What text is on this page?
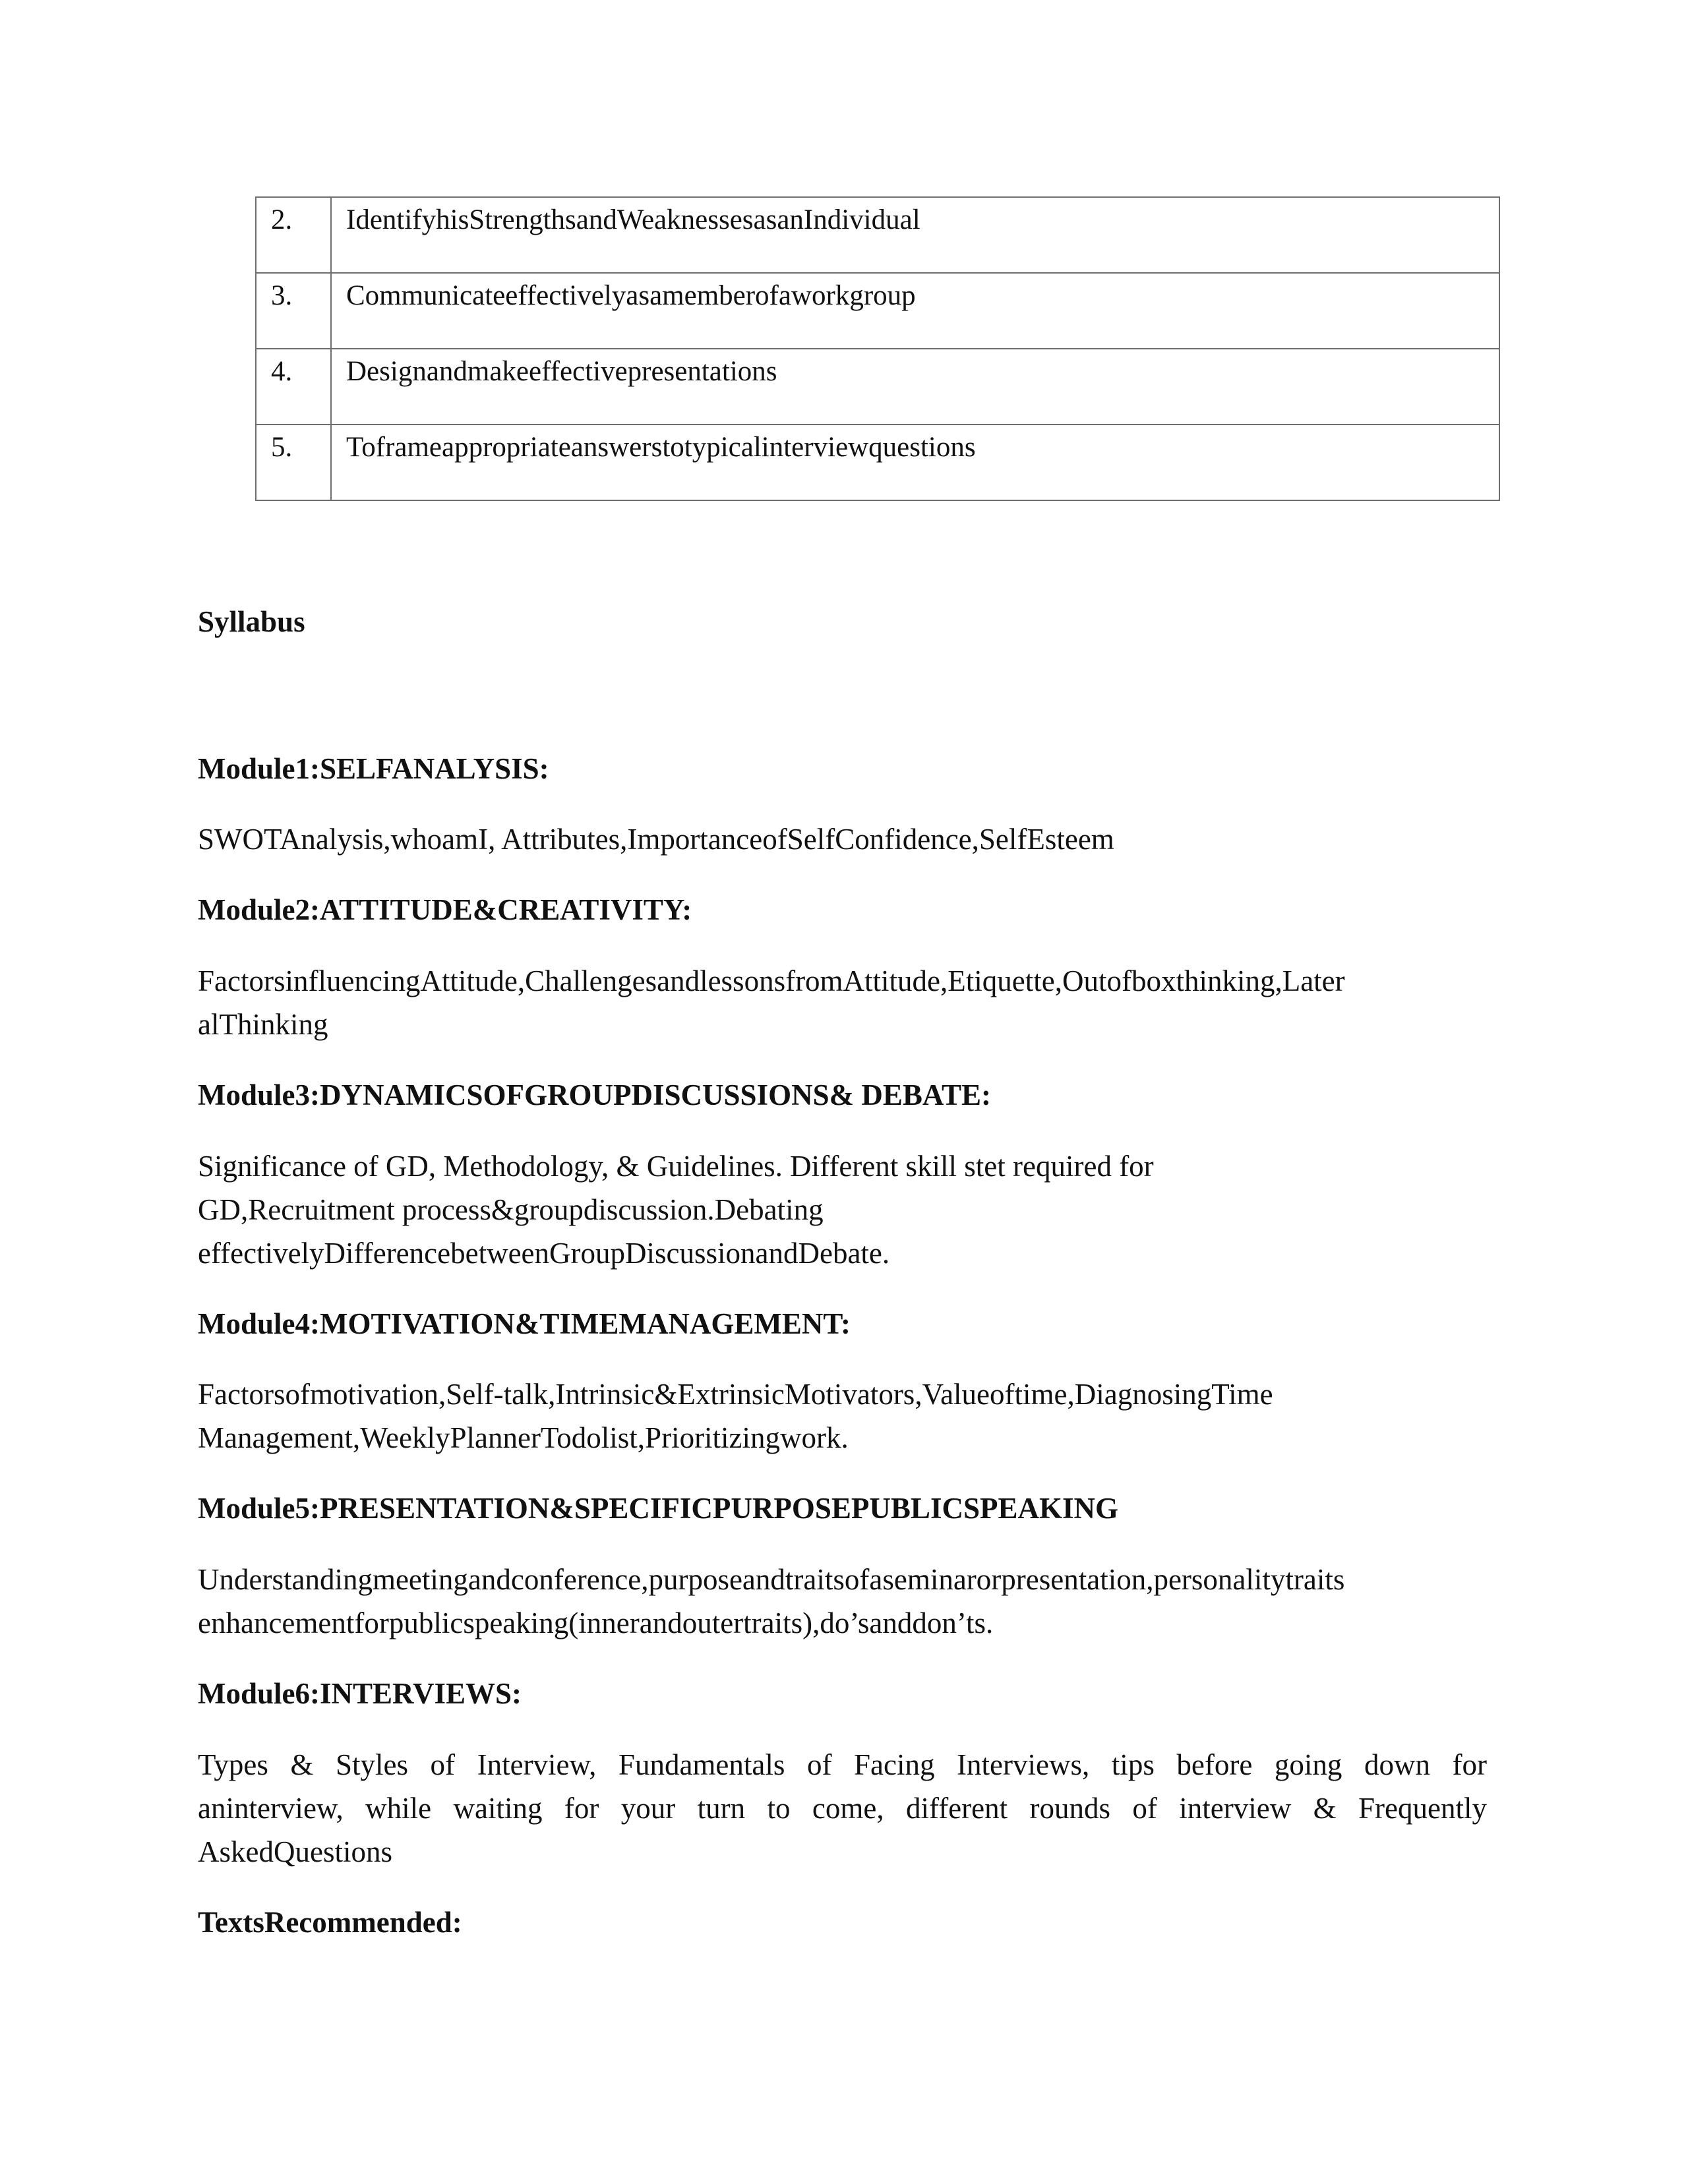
2.	IdentifyhisStrengthsandWeaknessesasanIndividual
3.	Communicateeffectivelyasamemberofaworkgroup
4.	Designandmakeeffectivepresentations
5.	Toframeappropriateanswerstotypicalinterviewquestions
Syllabus
Module1:SELFANALYSIS:
SWOTAnalysis,whoamI, Attributes,ImportanceofSelfConfidence,SelfEsteem
Module2:ATTITUDE&CREATIVITY:
FactorsinfluencingAttitude,ChallengesandlessonsfromAttitude,Etiquette,Outofboxthinking,Later
alThinking
Module3:DYNAMICSOFGROUPDISCUSSIONS& DEBATE:
Significance of GD, Methodology, & Guidelines. Different skill stet required for
GD,Recruitment process&groupdiscussion.Debating
effectivelyDifferencebetweenGroupDiscussionandDebate.
Module4:MOTIVATION&TIMEMANAGEMENT:
Factorsofmotivation,Self-talk,Intrinsic&ExtrinsicMotivators,Valueoftime,DiagnosingTime
Management,WeeklyPlannerTodolist,Prioritizingwork.
Module5:PRESENTATION&SPECIFICPURPOSEPUBLICSPEAKING
Understandingmeetingandconference,purposeandtraitsofaseminarorpresentation,personalitytraits
enhancementforpublicspeaking(innerandoutertraits),do’sanddon’ts.
Module6:INTERVIEWS:
Types & Styles of Interview, Fundamentals of Facing Interviews, tips before going down for
aninterview, while waiting for your turn to come, different rounds of interview & Frequently
AskedQuestions
TextsRecommended:
